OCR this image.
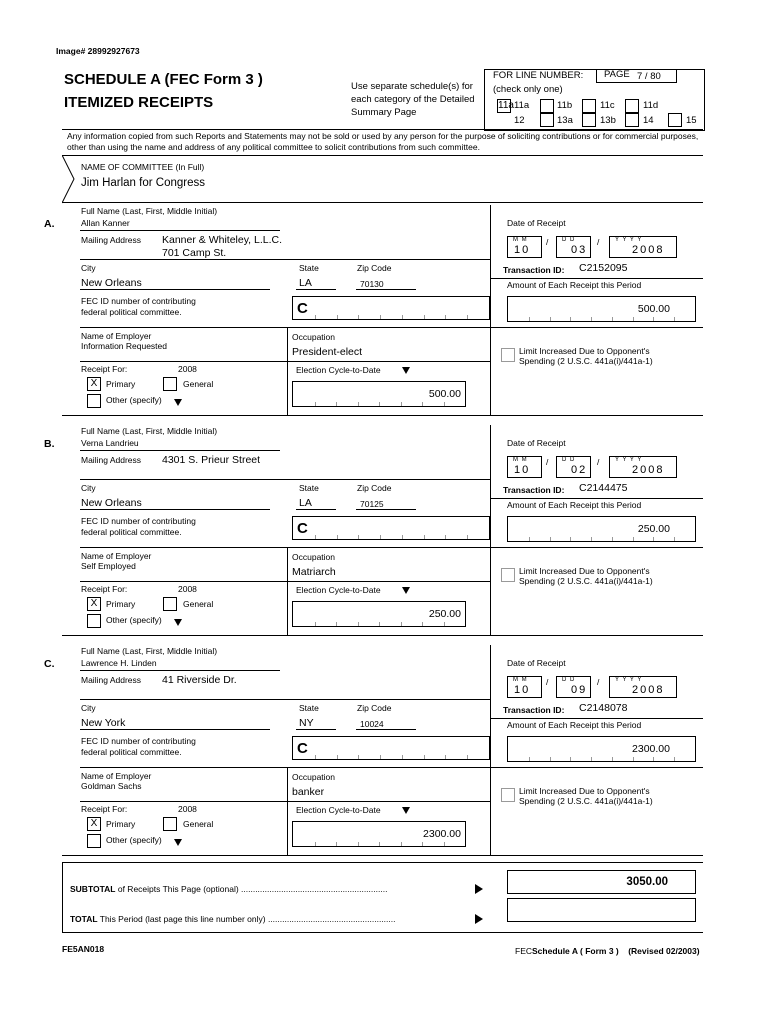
Image# 28992927673
SCHEDULE A (FEC Form 3 )
ITEMIZED RECEIPTS
Use separate schedule(s) for each category of the Detailed Summary Page
FOR LINE NUMBER:
(check only one)
PAGE 7 / 80
11a 11a	11b	11c	11d
12	13a	13b	14	15
Any information copied from such Reports and Statements may not be sold or used by any person for the purpose of soliciting contributions or for commercial purposes, other than using the name and address of any political committee to solicit contributions from such committee.
NAME OF COMMITTEE (In Full)
Jim Harlan for Congress
A.
Full Name (Last, First, Middle Initial)
Allan Kanner
Mailing Address Kanner & Whiteley, L.L.C.
701 Camp St.
City	State	Zip Code
New Orleans	LA	70130
FEC ID number of contributing
federal political committee.	C
Name of Employer
Information Requested
Occupation
President-elect
Receipt For:	2008
X	Primary	General
Other (specify)
Election Cycle-to-Date
500.00
Date of Receipt
M M
10
/ D D
03
/	Y Y Y Y
2008
Transaction ID: C2152095
Amount of Each Receipt this Period
500.00
Limit Increased Due to Opponent's
Spending (2 U.S.C. 441a(i)/441a-1)
B.
Full Name (Last, First, Middle Initial)
Verna Landrieu
Mailing Address 4301 S. Prieur Street
City	State	Zip Code
New Orleans	LA	70125
FEC ID number of contributing
federal political committee.	C
Name of Employer
Self Employed
Occupation
Matriarch
Receipt For:	2008
X	Primary	General
Other (specify)
Election Cycle-to-Date
250.00
Date of Receipt
M M
10
/ D D
02
/	Y Y Y Y
2008
Transaction ID: C2144475
Amount of Each Receipt this Period
250.00
Limit Increased Due to Opponent's
Spending (2 U.S.C. 441a(i)/441a-1)
C.
Full Name (Last, First, Middle Initial)
Lawrence H. Linden
Mailing Address 41 Riverside Dr.
City	State	Zip Code
New York	NY	10024
FEC ID number of contributing
federal political committee.	C
Name of Employer
Goldman Sachs
Occupation
banker
Receipt For:	2008
X	Primary	General
Other (specify)
Election Cycle-to-Date
2300.00
Date of Receipt
M M
10
/ D D
09
/	Y Y Y Y
2008
Transaction ID: C2148078
Amount of Each Receipt this Period
2300.00
Limit Increased Due to Opponent's
Spending (2 U.S.C. 441a(i)/441a-1)
SUBTOTAL of Receipts This Page (optional) ..............................................................
3050.00
TOTAL This Period (last page this line number only) ......................................................
FE5AN018	FECSchedule A ( Form 3 ) (Revised 02/2003)
